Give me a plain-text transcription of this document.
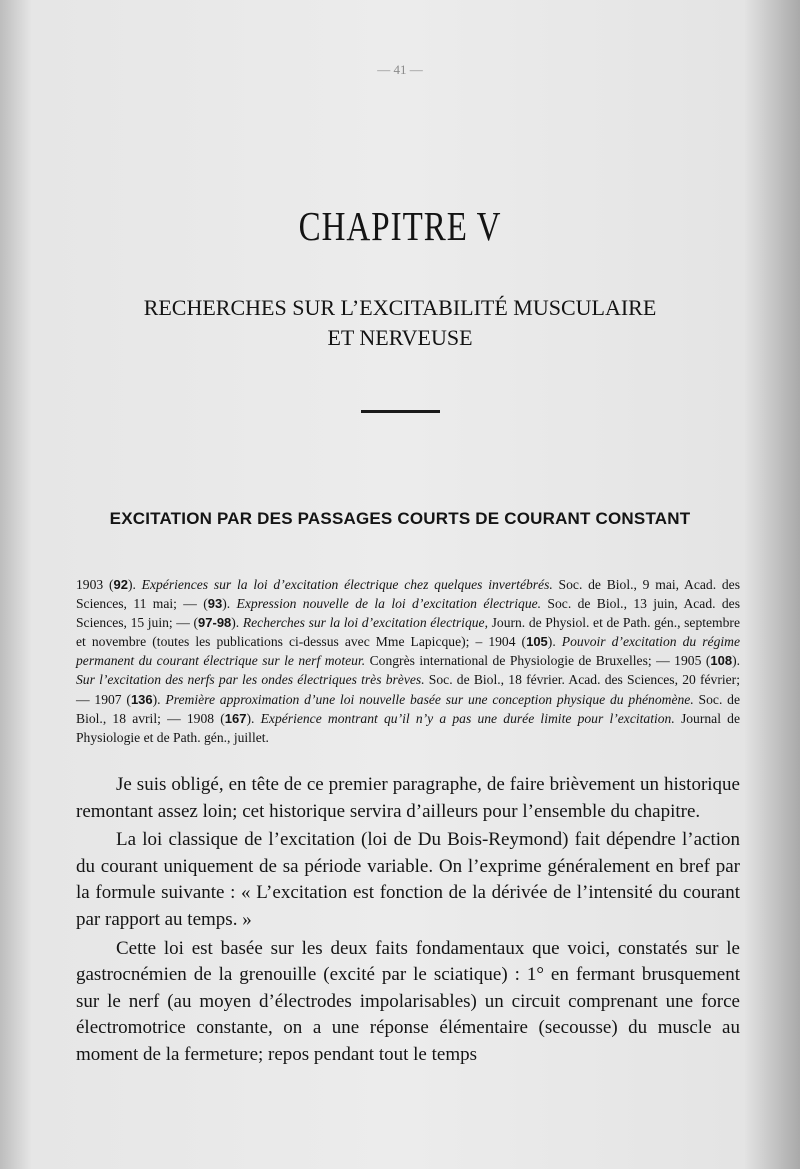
— 41 —
CHAPITRE V
RECHERCHES SUR L’EXCITABILITÉ MUSCULAIRE
ET NERVEUSE
EXCITATION PAR DES PASSAGES COURTS DE COURANT CONSTANT
1903 (92). Expériences sur la loi d’excitation électrique chez quelques invertébrés. Soc. de Biol., 9 mai, Acad. des Sciences, 11 mai; — (93). Expression nouvelle de la loi d’excitation électrique. Soc. de Biol., 13 juin, Acad. des Sciences, 15 juin; — (97-98). Recherches sur la loi d’excitation électrique, Journ. de Physiol. et de Path. gén., septembre et novembre (toutes les publications ci-dessus avec Mme Lapicque); – 1904 (105). Pouvoir d’excitation du régime permanent du courant électrique sur le nerf moteur. Congrès international de Physiologie de Bruxelles; — 1905 (108). Sur l’excitation des nerfs par les ondes électriques très brèves. Soc. de Biol., 18 février. Acad. des Sciences, 20 février; — 1907 (136). Première approximation d’une loi nouvelle basée sur une conception physique du phénomène. Soc. de Biol., 18 avril; — 1908 (167). Expérience montrant qu’il n’y a pas une durée limite pour l’excitation. Journal de Physiologie et de Path. gén., juillet.

Je suis obligé, en tête de ce premier paragraphe, de faire brièvement un historique remontant assez loin; cet historique servira d’ailleurs pour l’ensemble du chapitre.

La loi classique de l’excitation (loi de Du Bois-Reymond) fait dépendre l’action du courant uniquement de sa période variable. On l’exprime généralement en bref par la formule suivante : « L’excitation est fonction de la dérivée de l’intensité du courant par rapport au temps. »

Cette loi est basée sur les deux faits fondamentaux que voici, constatés sur le gastrocnémien de la grenouille (excité par le sciatique) : 1° en fermant brusquement sur le nerf (au moyen d’électrodes impolarisables) un circuit comprenant une force électromotrice constante, on a une réponse élémentaire (secousse) du muscle au moment de la fermeture; repos pendant tout le temps
